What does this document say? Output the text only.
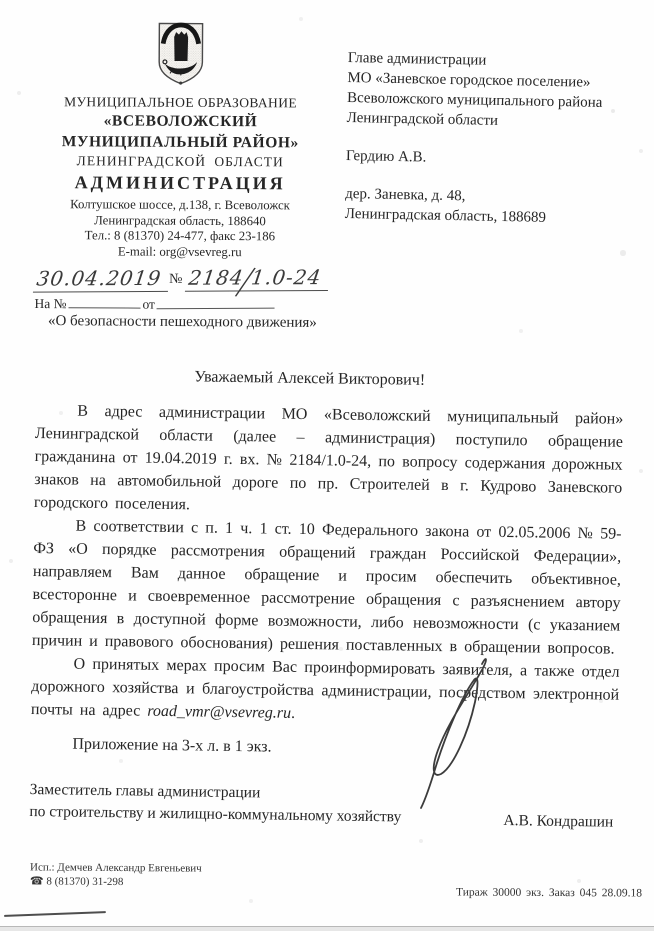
МУНИЦИПАЛЬНОЕ ОБРАЗОВАНИЕ
«ВСЕВОЛОЖСКИЙ
МУНИЦИПАЛЬНЫЙ РАЙОН»
ЛЕНИНГРАДСКОЙ ОБЛАСТИ
АДМИНИСТРАЦИЯ
Колтушское шоссе, д.138, г. Всеволожск
Ленинградская область, 188640
Тел.: 8 (81370) 24-477, факс 23-186
E-mail: org@vsevreg.ru
30.04.2019 № 2184/1.0-24
На №	от
Главе администрации
МО «Заневское городское поселение»
Всеволожского муниципального района
Ленинградской области
Гердию А.В.
дер. Заневка, д. 48,
Ленинградская область, 188689
«О безопасности пешеходного движения»
Уважаемый Алексей Викторович!
В адрес администрации МО «Всеволожский муниципальный район» Ленинградской области (далее – администрация) поступило обращение гражданина от 19.04.2019 г. вх. № 2184/1.0-24, по вопросу содержания дорожных знаков на автомобильной дороге по пр. Строителей в г. Кудрово Заневского городского поселения.
В соответствии с п. 1 ч. 1 ст. 10 Федерального закона от 02.05.2006 № 59-ФЗ «О порядке рассмотрения обращений граждан Российской Федерации», направляем Вам данное обращение и просим обеспечить объективное, всесторонне и своевременное рассмотрение обращения с разъяснением автору обращения в доступной форме возможности, либо невозможности (с указанием причин и правового обоснования) решения поставленных в обращении вопросов.
О принятых мерах просим Вас проинформировать заявителя, а также отдел дорожного хозяйства и благоустройства администрации, посредством электронной почты на адрес road_vmr@vsevreg.ru.
Приложение на 3-х л. в 1 экз.
Заместитель главы администрации
по строительству и жилищно-коммунальному хозяйству	А.В. Кондрашин
Исп.: Демчев Александр Евгеньевич
☎ 8 (81370) 31-298
Тираж 30000 экз. Заказ 045 28.09.18
